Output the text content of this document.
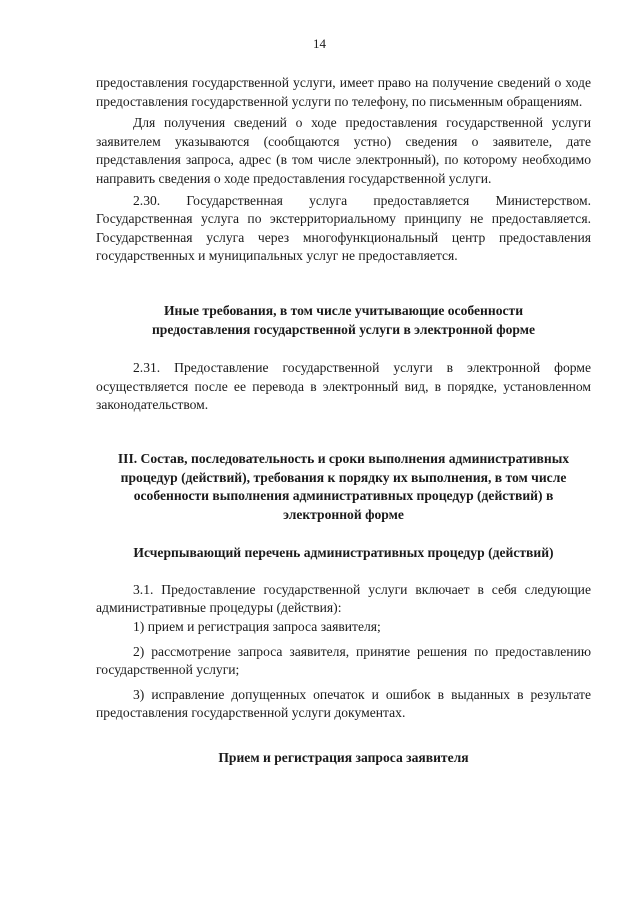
14

предоставления государственной услуги, имеет право на получение сведений о ходе предоставления государственной услуги по телефону, по письменным обращениям.

Для получения сведений о ходе предоставления государственной услуги заявителем указываются (сообщаются устно) сведения о заявителе, дате представления запроса, адрес (в том числе электронный), по которому необходимо направить сведения о ходе предоставления государственной услуги.

2.30. Государственная услуга предоставляется Министерством. Государственная услуга по экстерриториальному принципу не предоставляется. Государственная услуга через многофункциональный центр предоставления государственных и муниципальных услуг не предоставляется.

Иные требования, в том числе учитывающие особенности предоставления государственной услуги в электронной форме

2.31. Предоставление государственной услуги в электронной форме осуществляется после ее перевода в электронный вид, в порядке, установленном законодательством.

III. Состав, последовательность и сроки выполнения административных процедур (действий), требования к порядку их выполнения, в том числе особенности выполнения административных процедур (действий) в электронной форме
Исчерпывающий перечень административных процедур (действий)

3.1. Предоставление государственной услуги включает в себя следующие административные процедуры (действия):

1) прием и регистрация запроса заявителя;

2) рассмотрение запроса заявителя, принятие решения по предоставлению государственной услуги;

3) исправление допущенных опечаток и ошибок в выданных в результате предоставления государственной услуги документах.

Прием и регистрация запроса заявителя
